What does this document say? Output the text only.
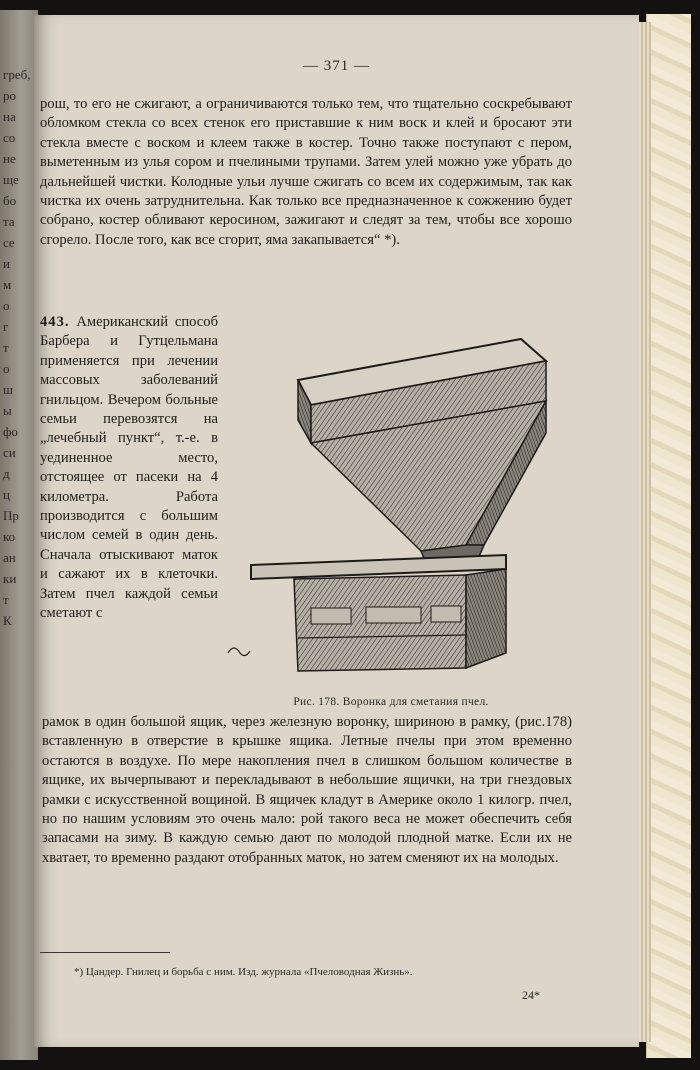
греб,
ро
на
со
не
ще
бо
та
се
и
м
о
г
т
о
ш
ы
фо
си
д
ц
Пр
ко
ан
ки
т
К
— 371 —

рош, то его не сжигают, а ограничиваются только тем, что тщательно соскребывают обломком стекла со всех стенок его приставшие к ним воск и клей и бросают эти стекла вместе с воском и клеем также в костер. Точно также поступают с пером, выметенным из улья сором и пчелиными трупами. Затем улей можно уже убрать до дальнейшей чистки. Колодные ульи лучше сжигать со всем их содержимым, так как чистка их очень затруднительна. Как только все предназначенное к сожжению будет собрано, костер обливают керосином, зажигают и следят за тем, чтобы все хорошо сгорело. После того, как все сгорит, яма закапывается“ *).

443. Американский способ Барбера и Гутцельмана применяется при лечении массовых заболеваний гнильцом. Вечером больные семьи перевозятся на „лечебный пункт“, т.-е. в уединенное место, отстоящее от пасеки на 4 километра. Работа производится с большим числом семей в один день. Сначала отыскивают маток и сажают их в клеточки. Затем пчел каждой семьи сметают с

Рис. 178. Воронка для сметания пчел.

рамок в один большой ящик, через железную воронку, шириною в рамку, (рис.178) вставленную в отверстие в крышке ящика. Летные пчелы при этом временно остаются в воздухе. По мере накопления пчел в слишком большом количестве в ящике, их вычерпывают и перекладывают в небольшие ящички, на три гнездовых рамки с искусственной вощиной. В ящичек кладут в Америке около 1 килогр. пчел, но по нашим условиям это очень мало: рой такого веса не может обеспечить себя запасами на зиму. В каждую семью дают по молодой плодной матке. Если их не хватает, то временно раздают отобранных маток, но затем сменяют их на молодых.

*) Цандер. Гнилец и борьба с ним. Изд. журнала «Пчеловодная Жизнь».
24*
